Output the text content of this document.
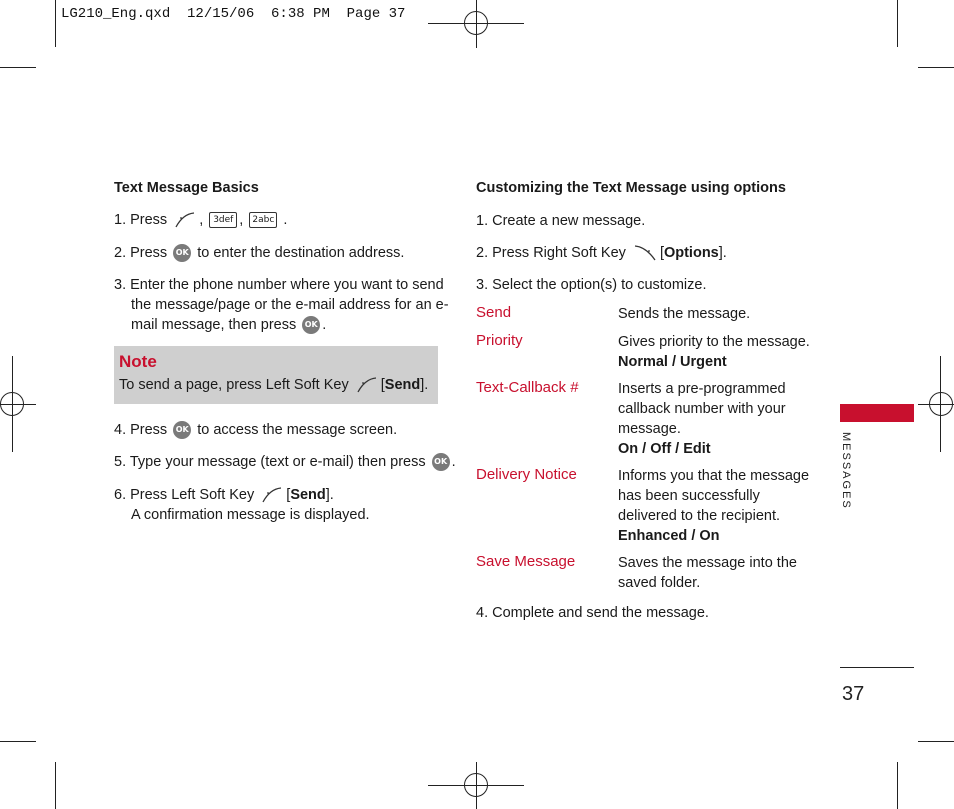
LG210_Eng.qxd  12/15/06  6:38 PM  Page 37
Text Message Basics
1. Press , 3def , 2abc .
2. Press OK to enter the destination address.
3. Enter the phone number where you want to send
the message/page or the e-mail address for an e-
mail message, then press OK .
Note
To send a page, press Left Soft Key [Send].
4. Press OK to access the message screen.
5. Type your message (text or e-mail) then press OK .
6. Press Left Soft Key [Send].
A confirmation message is displayed.
Customizing the Text Message using options
1. Create a new message.
2. Press Right Soft Key [Options].
3. Select the option(s) to customize.
Send	Sends the message.
Priority	Gives priority to the message.
Normal / Urgent
Text-Callback #	Inserts a pre-programmed
callback number with your
message.
On / Off / Edit
Delivery Notice	Informs you that the message
has been successfully
delivered to the recipient.
Enhanced / On
Save Message	Saves the message into the
saved folder.
4. Complete and send the message.
MESSAGES
37
